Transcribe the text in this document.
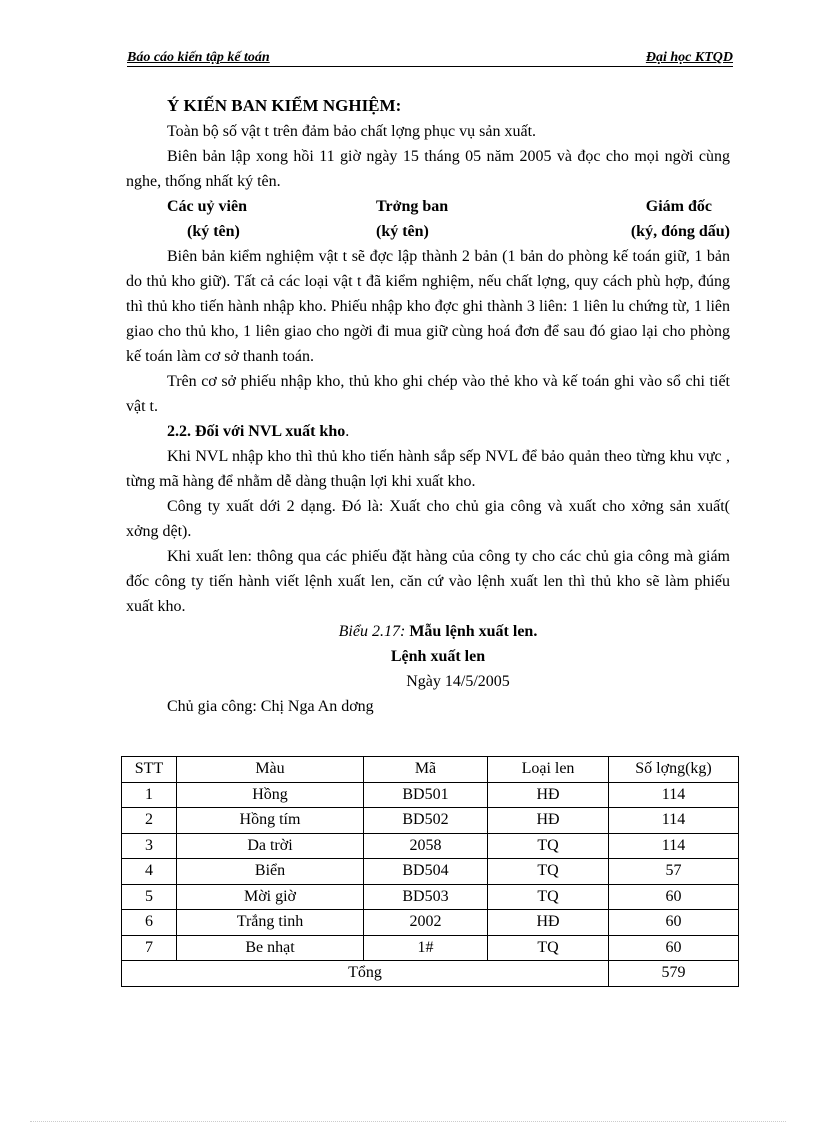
Báo cáo kiến tập kế toán	Đại học KTQD
Ý KIẾN BAN KIỂM NGHIỆM:

Toàn bộ số vật t trên đảm bảo chất lợng phục vụ sản xuất.

Biên bản lập xong hồi 11 giờ ngày 15 tháng 05 năm 2005 và đọc cho mọi ngời cùng nghe, thống nhất ký tên.

Các uỷ viên	Trởng ban	Giám đốc
(ký tên)	(ký tên)	(ký, đóng dấu)

Biên bản kiểm nghiệm vật t sẽ đợc lập thành 2 bản (1 bản do phòng kế toán giữ, 1 bản do thủ kho giữ). Tất cả các loại vật t đã kiểm nghiệm, nếu chất lợng, quy cách phù hợp, đúng thì thủ kho tiến hành nhập kho. Phiếu nhập kho đợc ghi thành 3 liên: 1 liên lu chứng từ, 1 liên giao cho thủ kho, 1 liên giao cho ngời đi mua giữ cùng hoá đơn để sau đó giao lại cho phòng kế toán làm cơ sở thanh toán.

Trên cơ sở phiếu nhập kho, thủ kho ghi chép vào thẻ kho và kế toán ghi vào sổ chi tiết vật t.

2.2. Đối với NVL xuất kho.

Khi NVL nhập kho thì thủ kho tiến hành sắp sếp NVL để bảo quản theo từng khu vực , từng mã hàng để nhằm dễ dàng thuận lợi khi xuất kho.

Công ty xuất dới 2 dạng. Đó là: Xuất cho chủ gia công và xuất cho xởng sản xuất( xởng dệt).

Khi xuất len: thông qua các phiếu đặt hàng của công ty cho các chủ gia công mà giám đốc công ty tiến hành viết lệnh xuất len, căn cứ vào lệnh xuất len thì thủ kho sẽ làm phiếu xuất kho.

Biểu 2.17: Mẫu lệnh xuất len.
Lệnh xuất len
Ngày 14/5/2005
Chủ gia công: Chị Nga An dơng
STT	Màu	Mã	Loại len	Số lợng(kg)
1	Hồng	BD501	HĐ	114
2	Hồng tím	BD502	HĐ	114
3	Da trời	2058	TQ	114
4	Biển	BD504	TQ	57
5	Mời giờ	BD503	TQ	60
6	Trắng tinh	2002	HĐ	60
7	Be nhạt	1#	TQ	60
Tổng				579
